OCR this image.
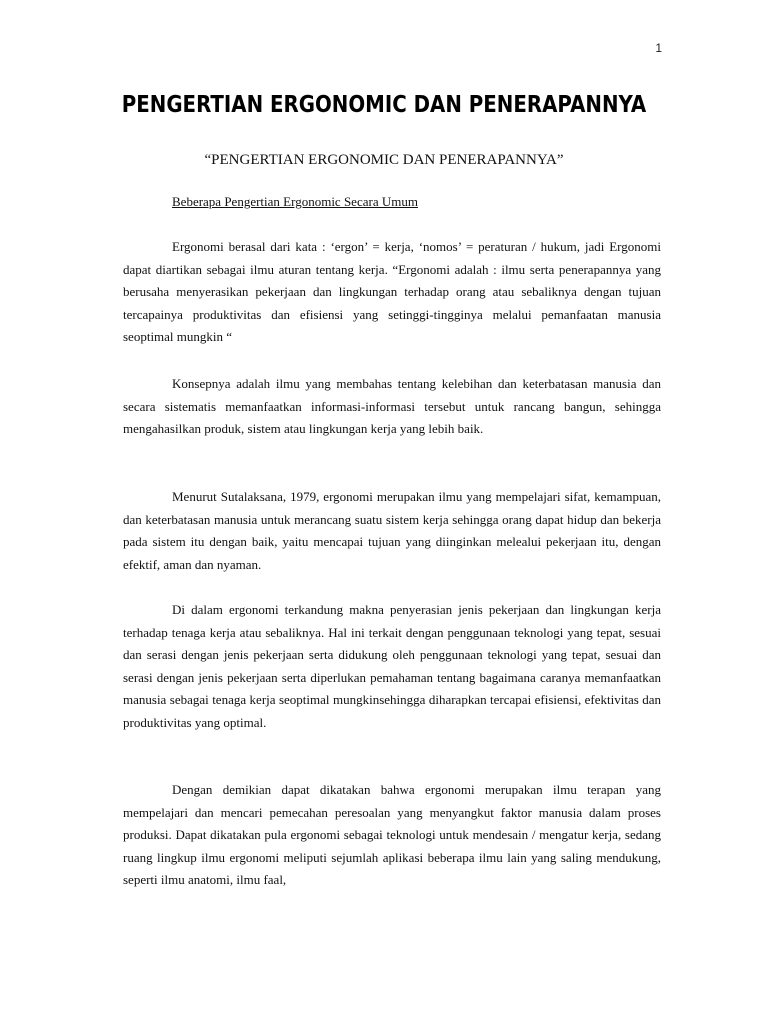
1
PENGERTIAN ERGONOMIC DAN PENERAPANNYA
“PENGERTIAN ERGONOMIC DAN PENERAPANNYA”
Beberapa Pengertian Ergonomic Secara Umum

Ergonomi berasal dari kata : ‘ergon’ = kerja, ‘nomos’ = peraturan / hukum, jadi Ergonomi dapat diartikan sebagai ilmu aturan tentang kerja. “Ergonomi adalah : ilmu serta penerapannya yang berusaha menyerasikan pekerjaan dan lingkungan terhadap orang atau sebaliknya dengan tujuan tercapainya produktivitas dan efisiensi yang setinggi-tingginya melalui pemanfaatan manusia seoptimal mungkin “

Konsepnya adalah ilmu yang membahas tentang kelebihan dan keterbatasan manusia dan secara sistematis memanfaatkan informasi-informasi tersebut untuk rancang bangun, sehingga mengahasilkan produk, sistem atau lingkungan kerja yang lebih baik.

Menurut Sutalaksana, 1979, ergonomi merupakan ilmu yang mempelajari sifat, kemampuan, dan keterbatasan manusia untuk merancang suatu sistem kerja sehingga orang dapat hidup dan bekerja pada sistem itu dengan baik, yaitu mencapai tujuan yang diinginkan melealui pekerjaan itu, dengan efektif, aman dan nyaman.

Di dalam ergonomi terkandung makna penyerasian jenis pekerjaan dan lingkungan kerja terhadap tenaga kerja atau sebaliknya. Hal ini terkait dengan penggunaan teknologi yang tepat, sesuai dan serasi dengan jenis pekerjaan serta didukung oleh penggunaan teknologi yang tepat, sesuai dan serasi dengan jenis pekerjaan serta diperlukan pemahaman tentang bagaimana caranya memanfaatkan manusia sebagai tenaga kerja seoptimal mungkinsehingga diharapkan tercapai efisiensi, efektivitas dan produktivitas yang optimal.

Dengan demikian dapat dikatakan bahwa ergonomi merupakan ilmu terapan yang mempelajari dan mencari pemecahan peresoalan yang menyangkut faktor manusia dalam proses produksi. Dapat dikatakan pula ergonomi sebagai teknologi untuk mendesain / mengatur kerja, sedang ruang lingkup ilmu ergonomi meliputi sejumlah aplikasi beberapa ilmu lain yang saling mendukung, seperti ilmu anatomi, ilmu faal,
